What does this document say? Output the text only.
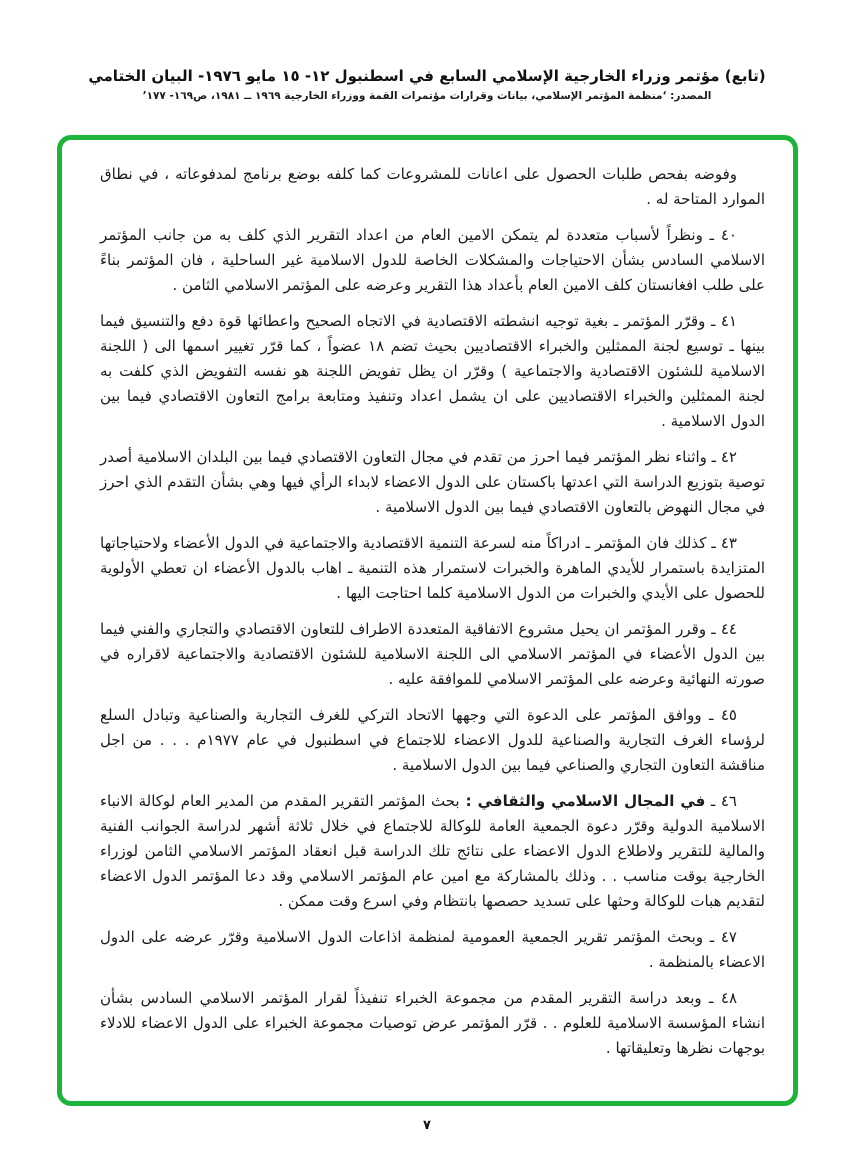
(تابع) مؤتمر وزراء الخارجية الإسلامي السابع في اسطنبول ١٢- ١٥ مايو ١٩٧٦- البيان الختامي
المصدر: ‘منظمة المؤتمر الإسلامي، بيانات وقرارات مؤتمرات القمة ووزراء الخارجية ١٩٦٩ ــ ١٩٨١، ص١٦٩- ١٧٧’

وفوضه بفحص طلبات الحصول على اعانات للمشروعات كما كلفه بوضع برنامج لمدفوعاته ، في نطاق الموارد المتاحة له .

٤٠ ـ ونظراً لأسباب متعددة لم يتمكن الامين العام من اعداد التقرير الذي كلف به من جانب المؤتمر الاسلامي السادس بشأن الاحتياجات والمشكلات الخاصة للدول الاسلامية غير الساحلية ، فان المؤتمر بناءً على طلب افغانستان كلف الامين العام بأعداد هذا التقرير وعرضه على المؤتمر الاسلامي الثامن .

٤١ ـ وقرّر المؤتمر ـ بغية توجيه انشطته الاقتصادية في الاتجاه الصحيح واعطائها قوة دفع والتنسيق فيما بينها ـ توسيع لجنة الممثلين والخبراء الاقتصاديين بحيث تضم ١٨ عضواً ، كما قرّر تغيير اسمها الى ( اللجنة الاسلامية للشئون الاقتصادية والاجتماعية ) وقرّر ان يظل تفويض اللجنة هو نفسه التفويض الذي كلفت به لجنة الممثلين والخبراء الاقتصاديين على ان يشمل اعداد وتنفيذ ومتابعة برامج التعاون الاقتصادي فيما بين الدول الاسلامية .

٤٢ ـ واثناء نظر المؤتمر فيما احرز من تقدم في مجال التعاون الاقتصادي فيما بين البلدان الاسلامية أصدر توصية بتوزيع الدراسة التي اعدتها باكستان على الدول الاعضاء لابداء الرأي فيها وهي بشأن التقدم الذي احرز في مجال النهوض بالتعاون الاقتصادي فيما بين الدول الاسلامية .

٤٣ ـ كذلك فان المؤتمر ـ ادراكاً منه لسرعة التنمية الاقتصادية والاجتماعية في الدول الأعضاء ولاحتياجاتها المتزايدة باستمرار للأيدي الماهرة والخبرات لاستمرار هذه التنمية ـ اهاب بالدول الأعضاء ان تعطي الأولوية للحصول على الأيدي والخبرات من الدول الاسلامية كلما احتاجت اليها .

٤٤ ـ وقرر المؤتمر ان يحيل مشروع الاتفاقية المتعددة الاطراف للتعاون الاقتصادي والتجاري والفني فيما بين الدول الأعضاء في المؤتمر الاسلامي الى اللجنة الاسلامية للشئون الاقتصادية والاجتماعية لاقراره في صورته النهائية وعرضه على المؤتمر الاسلامي للموافقة عليه .

٤٥ ـ ووافق المؤتمر على الدعوة التي وجهها الاتحاد التركي للغرف التجارية والصناعية وتبادل السلع لرؤساء الغرف التجارية والصناعية للدول الاعضاء للاجتماع في اسطنبول في عام ١٩٧٧م . . . من اجل مناقشة التعاون التجاري والصناعي فيما بين الدول الاسلامية .

٤٦ ـ في المجال الاسلامي والثقافي : بحث المؤتمر التقرير المقدم من المدير العام لوكالة الانباء الاسلامية الدولية وقرّر دعوة الجمعية العامة للوكالة للاجتماع في خلال ثلاثة أشهر لدراسة الجوانب الفنية والمالية للتقرير ولاطلاع الدول الاعضاء على نتائج تلك الدراسة قبل انعقاد المؤتمر الاسلامي الثامن لوزراء الخارجية بوقت مناسب . . وذلك بالمشاركة مع امين عام المؤتمر الاسلامي وقد دعا المؤتمر الدول الاعضاء لتقديم هبات للوكالة وحثها على تسديد حصصها بانتظام وفي اسرع وقت ممكن .

٤٧ ـ وبحث المؤتمر تقرير الجمعية العمومية لمنظمة اذاعات الدول الاسلامية وقرّر عرضه على الدول الاعضاء بالمنظمة .

٤٨ ـ وبعد دراسة التقرير المقدم من مجموعة الخبراء تنفيذاً لقرار المؤتمر الاسلامي السادس بشأن انشاء المؤسسة الاسلامية للعلوم . . قرّر المؤتمر عرض توصيات مجموعة الخبراء على الدول الاعضاء للادلاء بوجهات نظرها وتعليقاتها .

٧
